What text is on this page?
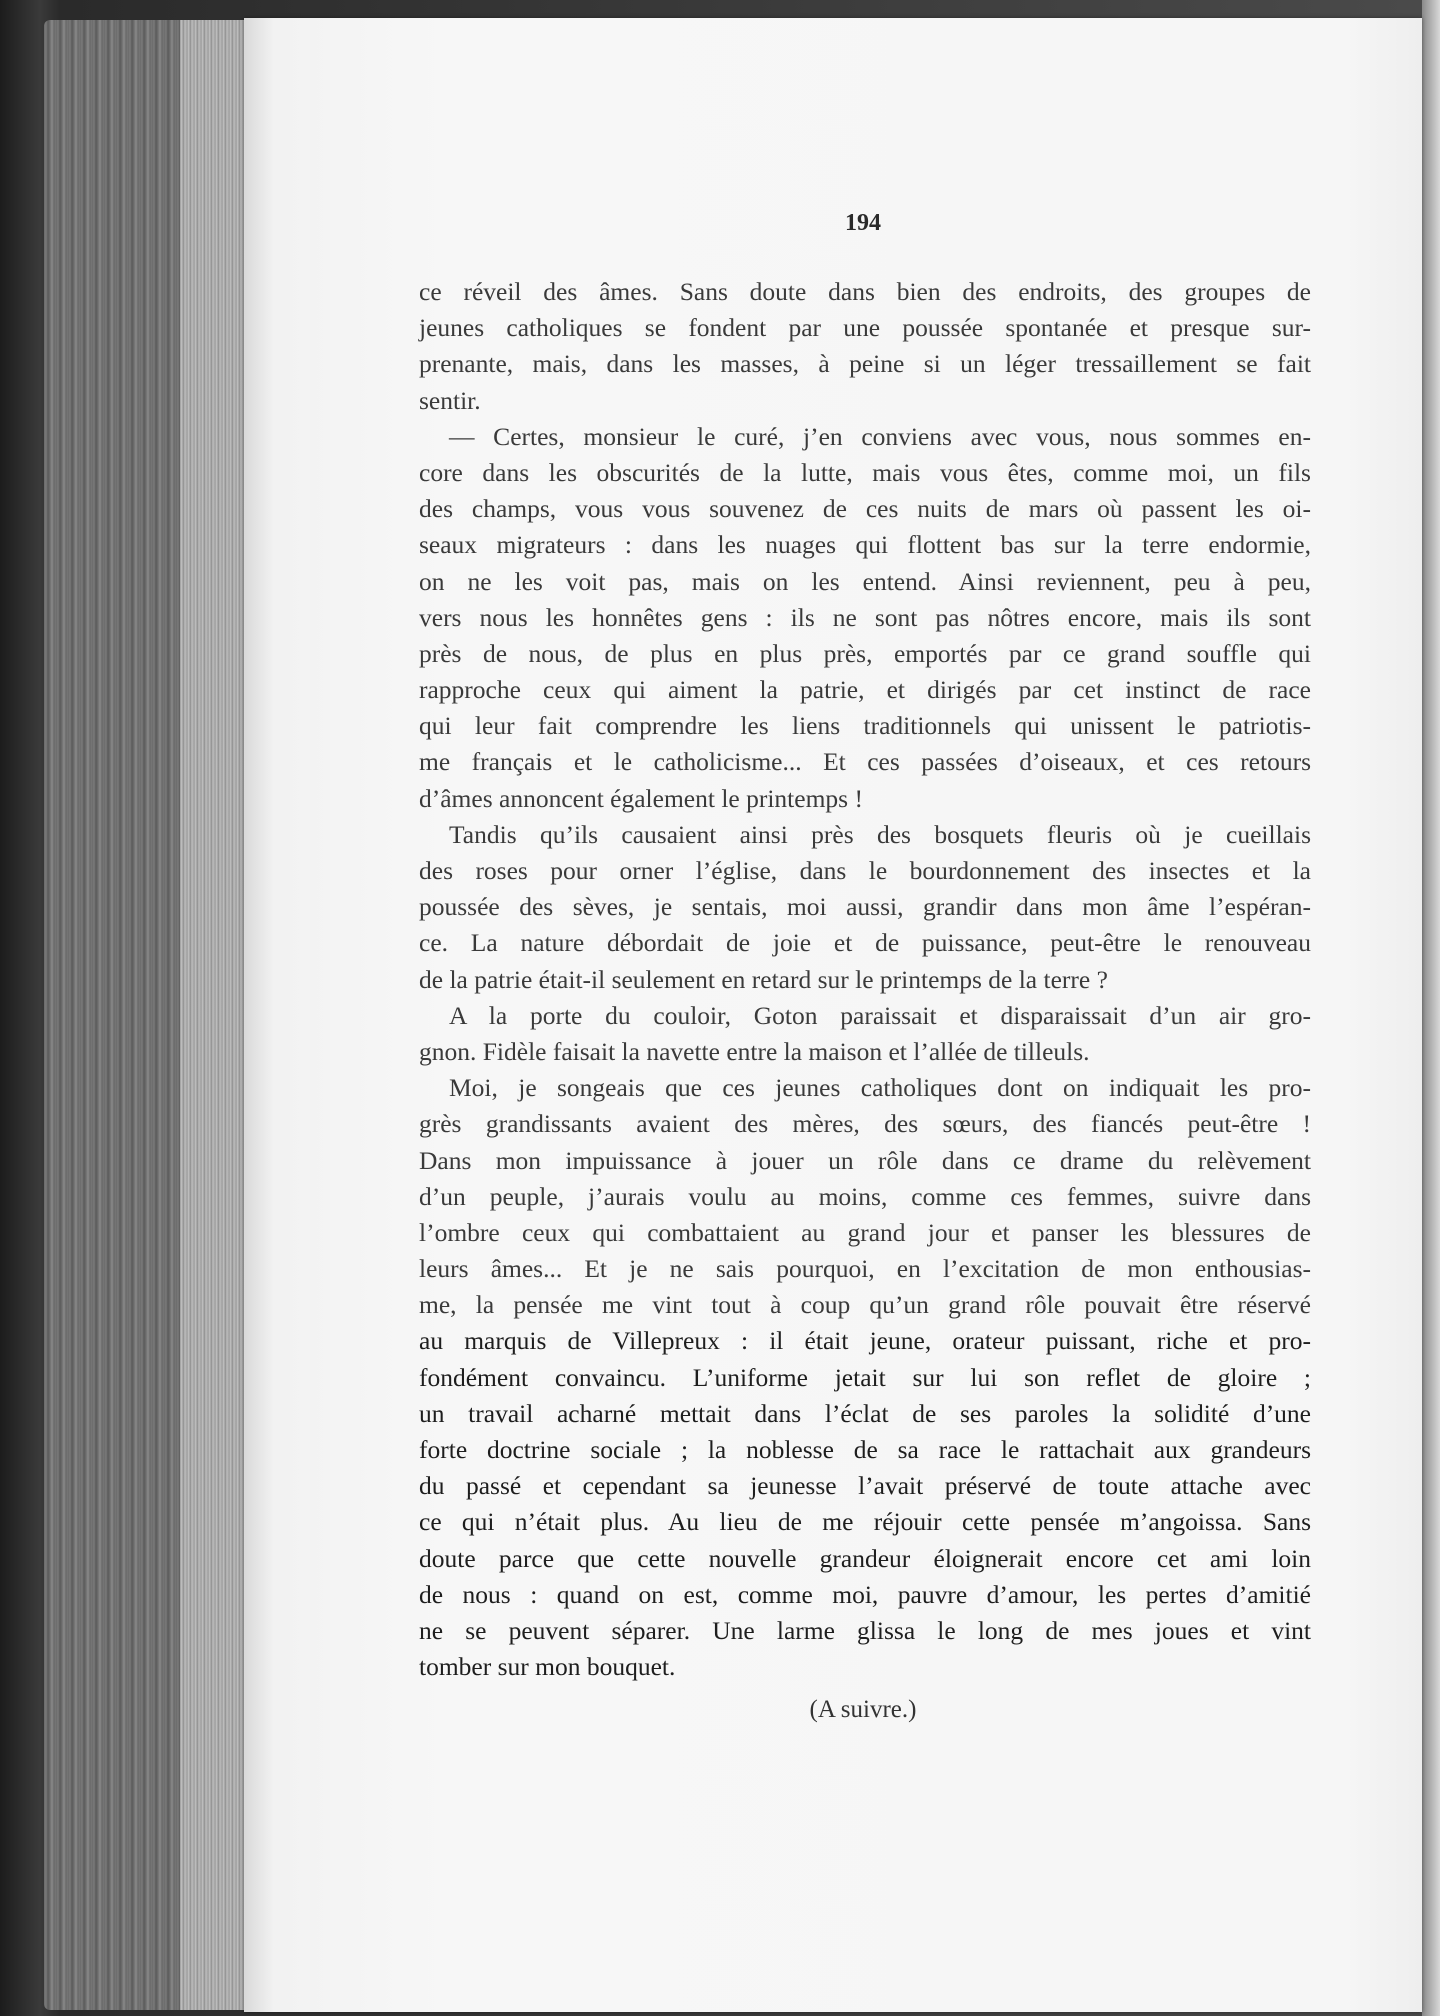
194
ce réveil des âmes. Sans doute dans bien des endroits, des groupes de
jeunes catholiques se fondent par une poussée spontanée et presque sur-
prenante, mais, dans les masses, à peine si un léger tressaillement se fait
sentir.
— Certes, monsieur le curé, j’en conviens avec vous, nous sommes en-
core dans les obscurités de la lutte, mais vous êtes, comme moi, un fils
des champs, vous vous souvenez de ces nuits de mars où passent les oi-
seaux migrateurs : dans les nuages qui flottent bas sur la terre endormie,
on ne les voit pas, mais on les entend. Ainsi reviennent, peu à peu,
vers nous les honnêtes gens : ils ne sont pas nôtres encore, mais ils sont
près de nous, de plus en plus près, emportés par ce grand souffle qui
rapproche ceux qui aiment la patrie, et dirigés par cet instinct de race
qui leur fait comprendre les liens traditionnels qui unissent le patriotis-
me français et le catholicisme... Et ces passées d’oiseaux, et ces retours
d’âmes annoncent également le printemps !
Tandis qu’ils causaient ainsi près des bosquets fleuris où je cueillais
des roses pour orner l’église, dans le bourdonnement des insectes et la
poussée des sèves, je sentais, moi aussi, grandir dans mon âme l’espéran-
ce. La nature débordait de joie et de puissance, peut-être le renouveau
de la patrie était-il seulement en retard sur le printemps de la terre ?
A la porte du couloir, Goton paraissait et disparaissait d’un air gro-
gnon. Fidèle faisait la navette entre la maison et l’allée de tilleuls.
Moi, je songeais que ces jeunes catholiques dont on indiquait les pro-
grès grandissants avaient des mères, des sœurs, des fiancés peut-être !
Dans mon impuissance à jouer un rôle dans ce drame du relèvement
d’un peuple, j’aurais voulu au moins, comme ces femmes, suivre dans
l’ombre ceux qui combattaient au grand jour et panser les blessures de
leurs âmes... Et je ne sais pourquoi, en l’excitation de mon enthousias-
me, la pensée me vint tout à coup qu’un grand rôle pouvait être réservé
au marquis de Villepreux : il était jeune, orateur puissant, riche et pro-
fondément convaincu. L’uniforme jetait sur lui son reflet de gloire ;
un travail acharné mettait dans l’éclat de ses paroles la solidité d’une
forte doctrine sociale ; la noblesse de sa race le rattachait aux grandeurs
du passé et cependant sa jeunesse l’avait préservé de toute attache avec
ce qui n’était plus. Au lieu de me réjouir cette pensée m’angoissa. Sans
doute parce que cette nouvelle grandeur éloignerait encore cet ami loin
de nous : quand on est, comme moi, pauvre d’amour, les pertes d’amitié
ne se peuvent séparer. Une larme glissa le long de mes joues et vint
tomber sur mon bouquet.
(A suivre.)
